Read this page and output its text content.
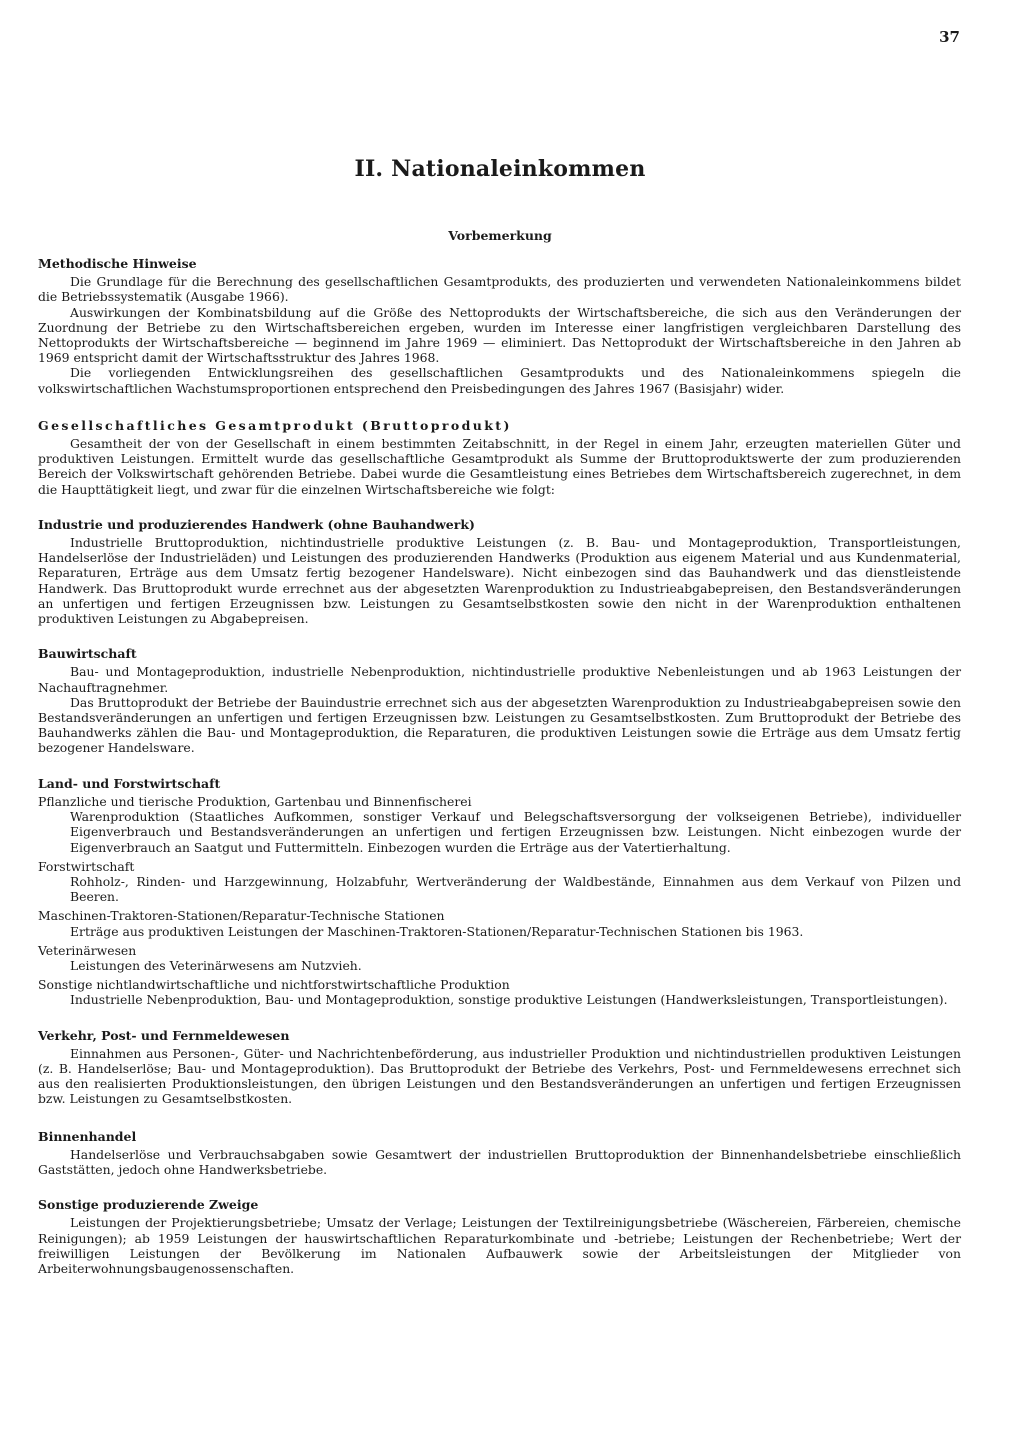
37
II. Nationaleinkommen
Vorbemerkung
Methodische Hinweise

Die Grundlage für die Berechnung des gesellschaftlichen Gesamtprodukts, des produzierten und verwendeten Nationaleinkommens bildet die Betriebssystematik (Ausgabe 1966).

Auswirkungen der Kombinatsbildung auf die Größe des Nettoprodukts der Wirtschaftsbereiche, die sich aus den Veränderungen der Zuordnung der Betriebe zu den Wirtschaftsbereichen ergeben, wurden im Interesse einer langfristigen vergleichbaren Darstellung des Nettoprodukts der Wirtschaftsbereiche — beginnend im Jahre 1969 — eliminiert. Das Nettoprodukt der Wirtschaftsbereiche in den Jahren ab 1969 entspricht damit der Wirtschaftsstruktur des Jahres 1968.

Die vorliegenden Entwicklungsreihen des gesellschaftlichen Gesamtprodukts und des Nationaleinkommens spiegeln die volkswirtschaftlichen Wachstumsproportionen entsprechend den Preisbedingungen des Jahres 1967 (Basisjahr) wider.

Gesellschaftliches Gesamtprodukt (Bruttoprodukt)

Gesamtheit der von der Gesellschaft in einem bestimmten Zeitabschnitt, in der Regel in einem Jahr, erzeugten materiellen Güter und produktiven Leistungen. Ermittelt wurde das gesellschaftliche Gesamtprodukt als Summe der Bruttoproduktswerte der zum produzierenden Bereich der Volkswirtschaft gehörenden Betriebe. Dabei wurde die Gesamtleistung eines Betriebes dem Wirtschaftsbereich zugerechnet, in dem die Haupttätigkeit liegt, und zwar für die einzelnen Wirtschaftsbereiche wie folgt:

Industrie und produzierendes Handwerk (ohne Bauhandwerk)

Industrielle Bruttoproduktion, nichtindustrielle produktive Leistungen (z. B. Bau- und Montageproduktion, Transportleistungen, Handelserlöse der Industrieläden) und Leistungen des produzierenden Handwerks (Produktion aus eigenem Material und aus Kundenmaterial, Reparaturen, Erträge aus dem Umsatz fertig bezogener Handelsware). Nicht einbezogen sind das Bauhandwerk und das dienstleistende Handwerk. Das Bruttoprodukt wurde errechnet aus der abgesetzten Warenproduktion zu Industrieabgabepreisen, den Bestandsveränderungen an unfertigen und fertigen Erzeugnissen bzw. Leistungen zu Gesamtselbstkosten sowie den nicht in der Warenproduktion enthaltenen produktiven Leistungen zu Abgabepreisen.

Bauwirtschaft

Bau- und Montageproduktion, industrielle Nebenproduktion, nichtindustrielle produktive Nebenleistungen und ab 1963 Leistungen der Nachauftragnehmer.

Das Bruttoprodukt der Betriebe der Bauindustrie errechnet sich aus der abgesetzten Warenproduktion zu Industrieabgabepreisen sowie den Bestandsveränderungen an unfertigen und fertigen Erzeugnissen bzw. Leistungen zu Gesamtselbstkosten. Zum Bruttoprodukt der Betriebe des Bauhandwerks zählen die Bau- und Montageproduktion, die Reparaturen, die produktiven Leistungen sowie die Erträge aus dem Umsatz fertig bezogener Handelsware.

Land- und Forstwirtschaft
Pflanzliche und tierische Produktion, Gartenbau und Binnenfischerei

Warenproduktion (Staatliches Aufkommen, sonstiger Verkauf und Belegschaftsversorgung der volkseigenen Betriebe), individueller Eigenverbrauch und Bestandsveränderungen an unfertigen und fertigen Erzeugnissen bzw. Leistungen. Nicht einbezogen wurde der Eigenverbrauch an Saatgut und Futtermitteln. Einbezogen wurden die Erträge aus der Vatertierhaltung.

Forstwirtschaft

Rohholz-, Rinden- und Harzgewinnung, Holzabfuhr, Wertveränderung der Waldbestände, Einnahmen aus dem Verkauf von Pilzen und Beeren.

Maschinen-Traktoren-Stationen/Reparatur-Technische Stationen

Erträge aus produktiven Leistungen der Maschinen-Traktoren-Stationen/Reparatur-Technischen Stationen bis 1963.

Veterinärwesen

Leistungen des Veterinärwesens am Nutzvieh.

Sonstige nichtlandwirtschaftliche und nichtforstwirtschaftliche Produktion

Industrielle Nebenproduktion, Bau- und Montageproduktion, sonstige produktive Leistungen (Handwerksleistungen, Transportleistungen).

Verkehr, Post- und Fernmeldewesen

Einnahmen aus Personen-, Güter- und Nachrichtenbeförderung, aus industrieller Produktion und nichtindustriellen produktiven Leistungen (z. B. Handelserlöse; Bau- und Montageproduktion). Das Bruttoprodukt der Betriebe des Verkehrs, Post- und Fernmeldewesens errechnet sich aus den realisierten Produktionsleistungen, den übrigen Leistungen und den Bestandsveränderungen an unfertigen und fertigen Erzeugnissen bzw. Leistungen zu Gesamtselbstkosten.

Binnenhandel

Handelserlöse und Verbrauchsabgaben sowie Gesamtwert der industriellen Bruttoproduktion der Binnenhandelsbetriebe einschließlich Gaststätten, jedoch ohne Handwerksbetriebe.

Sonstige produzierende Zweige

Leistungen der Projektierungsbetriebe; Umsatz der Verlage; Leistungen der Textilreinigungsbetriebe (Wäschereien, Färbereien, chemische Reinigungen); ab 1959 Leistungen der hauswirtschaftlichen Reparaturkombinate und -betriebe; Leistungen der Rechenbetriebe; Wert der freiwilligen Leistungen der Bevölkerung im Nationalen Aufbauwerk sowie der Arbeitsleistungen der Mitglieder von Arbeiterwohnungsbaugenossenschaften.
